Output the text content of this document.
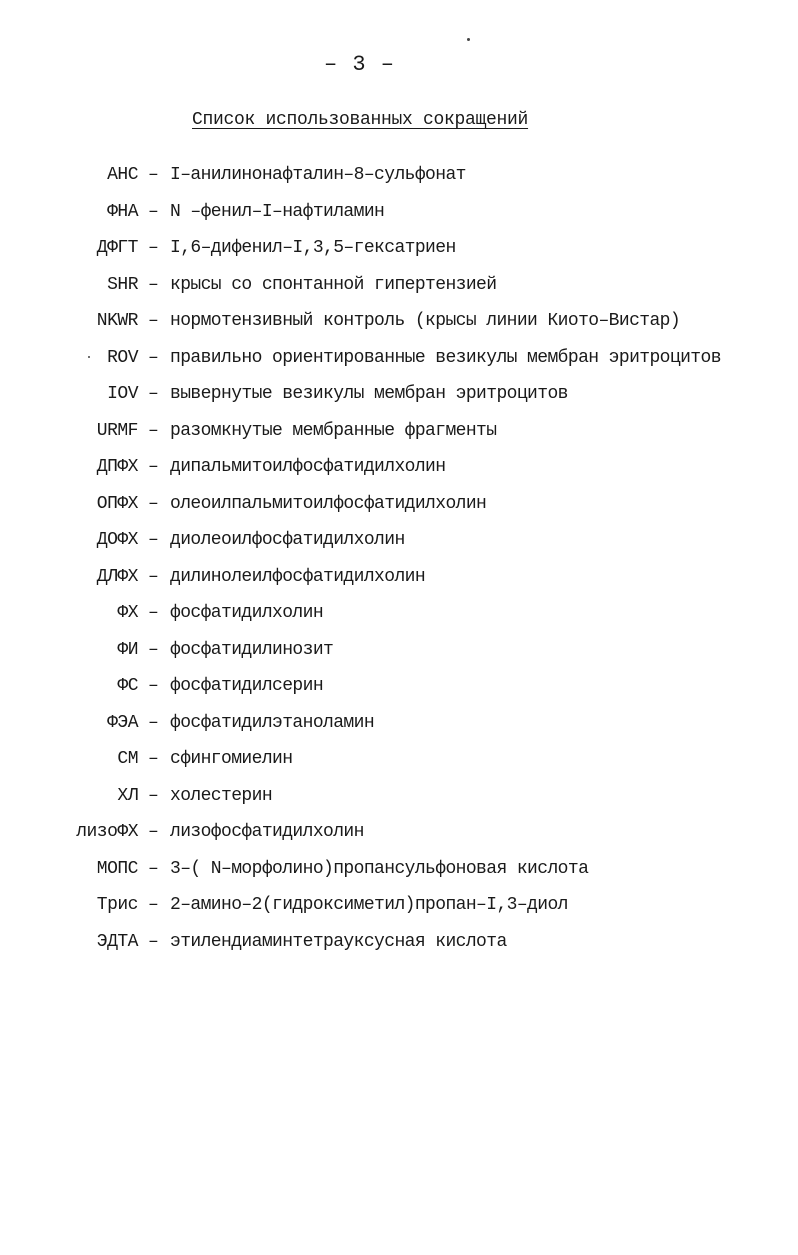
– 3 –
Список использованных сокращений
АНС – I–анилинонафталин–8–сульфонат
ФНА – N –фенил–I–нафтиламин
ДФГТ – I,6–дифенил–I,3,5–гексатриен
SHR – крысы со спонтанной гипертензией
NKWR – нормотензивный контроль (крысы линии Киото–Вистар)
ROV – правильно ориентированные везикулы мембран эритроцитов
IOV – вывернутые везикулы мембран эритроцитов
URMF – разомкнутые мембранные фрагменты
ДПФХ – дипальмитоилфосфатидилхолин
ОПФХ – олеоилпальмитоилфосфатидилхолин
ДОФХ – диолеоилфосфатидилхолин
ДЛФХ – дилинолеилфосфатидилхолин
ФХ – фосфатидилхолин
ФИ – фосфатидилинозит
ФС – фосфатидилсерин
ФЭА – фосфатидилэтаноламин
СМ – сфингомиелин
ХЛ – холестерин
лизоФХ – лизофосфатидилхолин
МОПС – 3–( N–морфолино)пропансульфоновая кислота
Трис – 2–амино–2(гидроксиметил)пропан–I,3–диол
ЭДТА – этилендиаминтетрауксусная кислота
